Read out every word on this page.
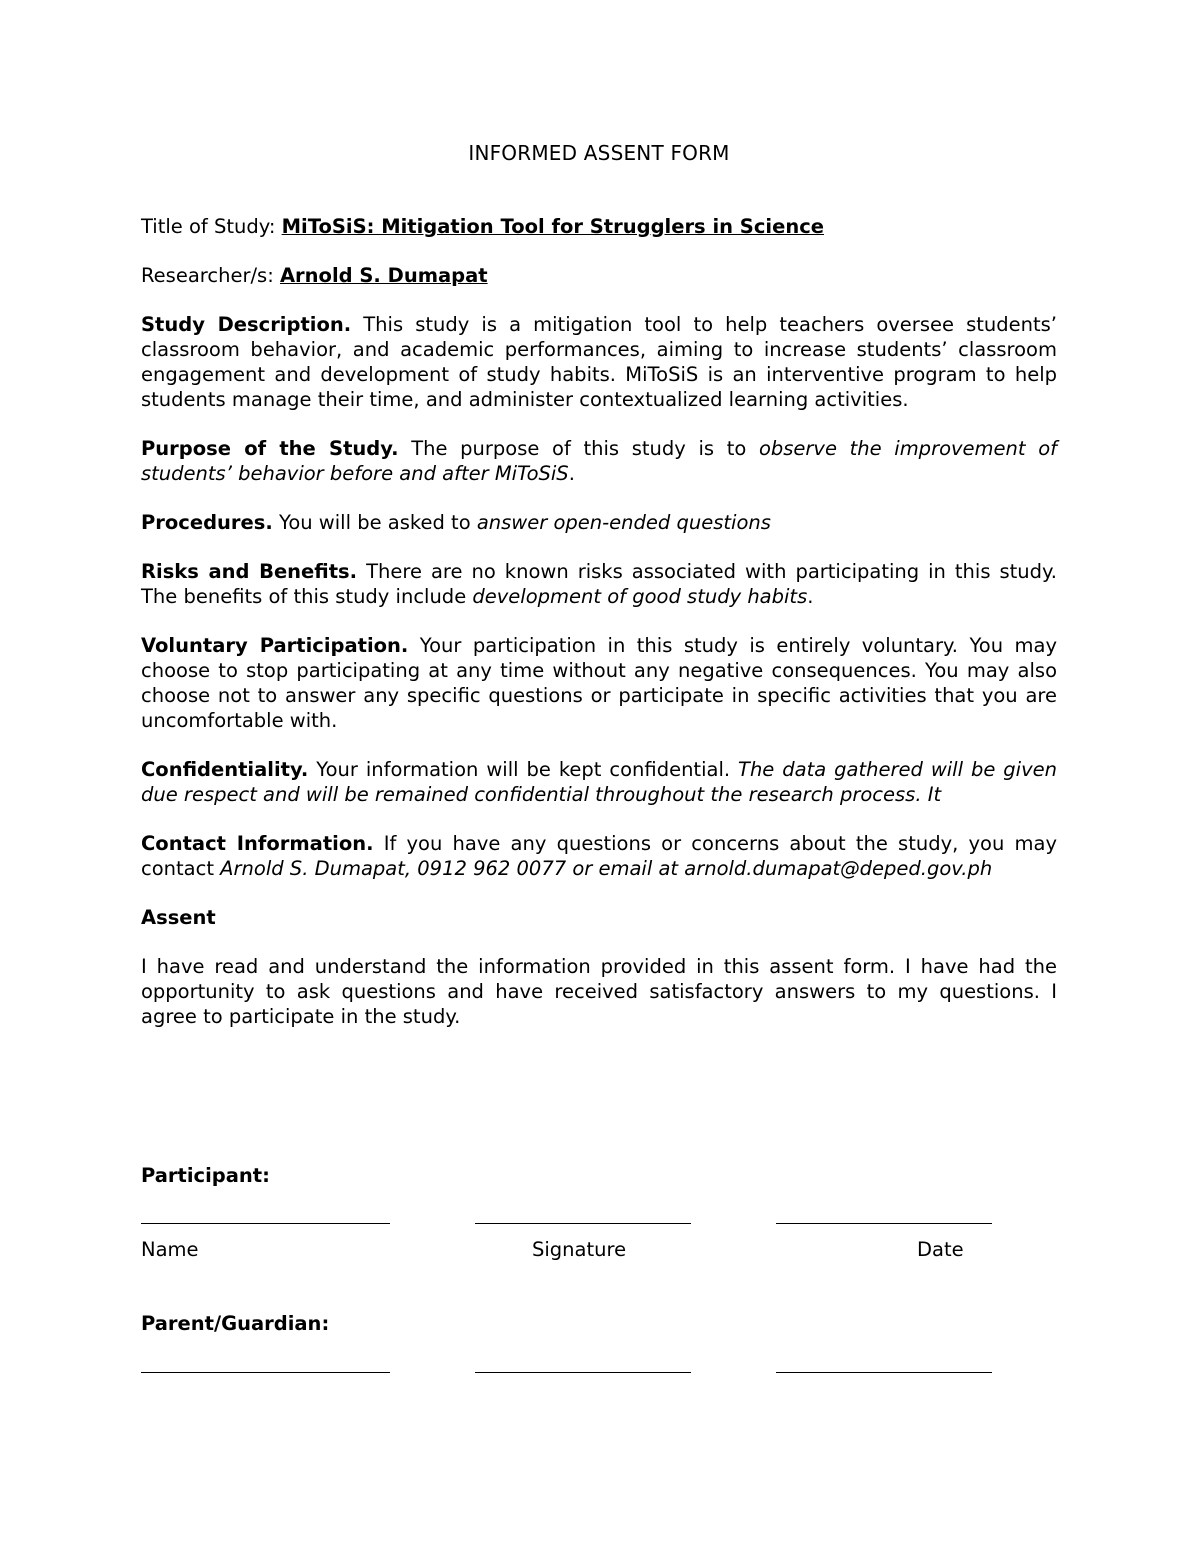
INFORMED ASSENT FORM
Title of Study: MiToSiS: Mitigation Tool for Strugglers in Science
Researcher/s: Arnold S. Dumapat

Study Description. This study is a mitigation tool to help teachers oversee students’ classroom behavior, and academic performances, aiming to increase students’ classroom engagement and development of study habits. MiToSiS is an interventive program to help students manage their time, and administer contextualized learning activities.

Purpose of the Study. The purpose of this study is to observe the improvement of students’ behavior before and after MiToSiS.

Procedures. You will be asked to answer open-ended questions

Risks and Benefits. There are no known risks associated with participating in this study. The benefits of this study include development of good study habits.

Voluntary Participation. Your participation in this study is entirely voluntary. You may choose to stop participating at any time without any negative consequences. You may also choose not to answer any specific questions or participate in specific activities that you are uncomfortable with.

Confidentiality. Your information will be kept confidential. The data gathered will be given due respect and will be remained confidential throughout the research process. It

Contact Information. If you have any questions or concerns about the study, you may contact Arnold S. Dumapat, 0912 962 0077 or email at arnold.dumapat@deped.gov.ph

Assent

I have read and understand the information provided in this assent form. I have had the opportunity to ask questions and have received satisfactory answers to my questions. I agree to participate in the study.

Participant:
Name	Signature	Date
Parent/Guardian:
